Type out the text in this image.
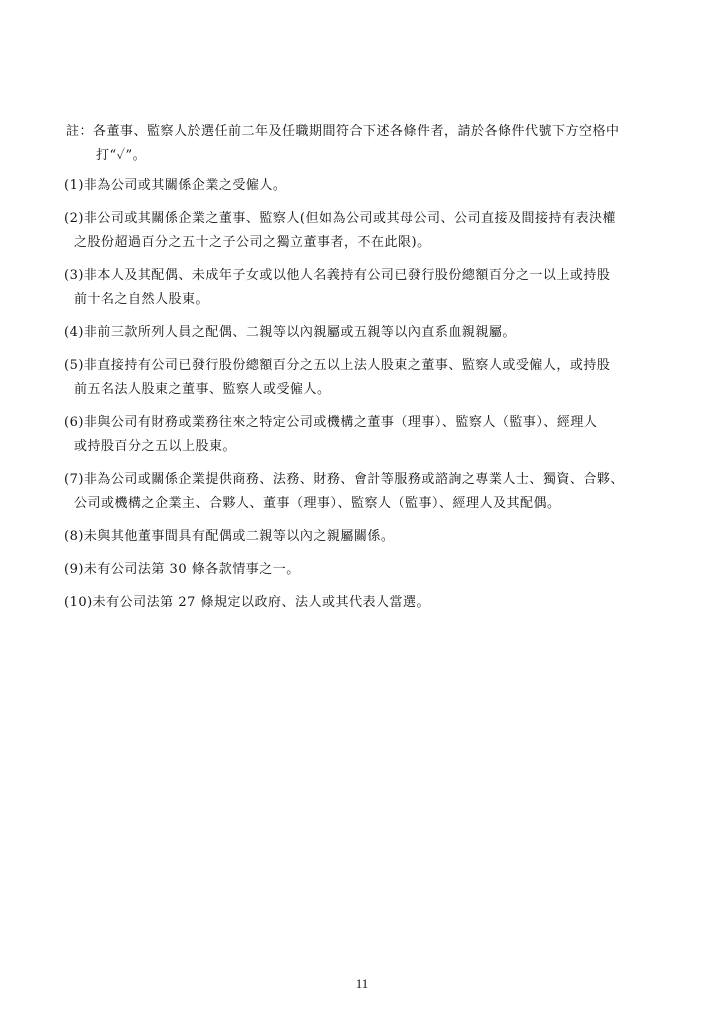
註：各董事、監察人於選任前二年及任職期間符合下述各條件者，請於各條件代號下方空格中
打“✓”。
(1)非為公司或其關係企業之受僱人。
(2)非公司或其關係企業之董事、監察人(但如為公司或其母公司、公司直接及間接持有表決權
之股份超過百分之五十之子公司之獨立董事者，不在此限)。
(3)非本人及其配偶、未成年子女或以他人名義持有公司已發行股份總額百分之一以上或持股
前十名之自然人股東。
(4)非前三款所列人員之配偶、二親等以內親屬或五親等以內直系血親親屬。
(5)非直接持有公司已發行股份總額百分之五以上法人股東之董事、監察人或受僱人，或持股
前五名法人股東之董事、監察人或受僱人。
(6)非與公司有財務或業務往來之特定公司或機構之董事（理事）、監察人（監事）、經理人
或持股百分之五以上股東。
(7)非為公司或關係企業提供商務、法務、財務、會計等服務或諮詢之專業人士、獨資、合夥、
公司或機構之企業主、合夥人、董事（理事）、監察人（監事）、經理人及其配偶。
(8)未與其他董事間具有配偶或二親等以內之親屬關係。
(9)未有公司法第 30 條各款情事之一。
(10)未有公司法第 27 條規定以政府、法人或其代表人當選。
11
